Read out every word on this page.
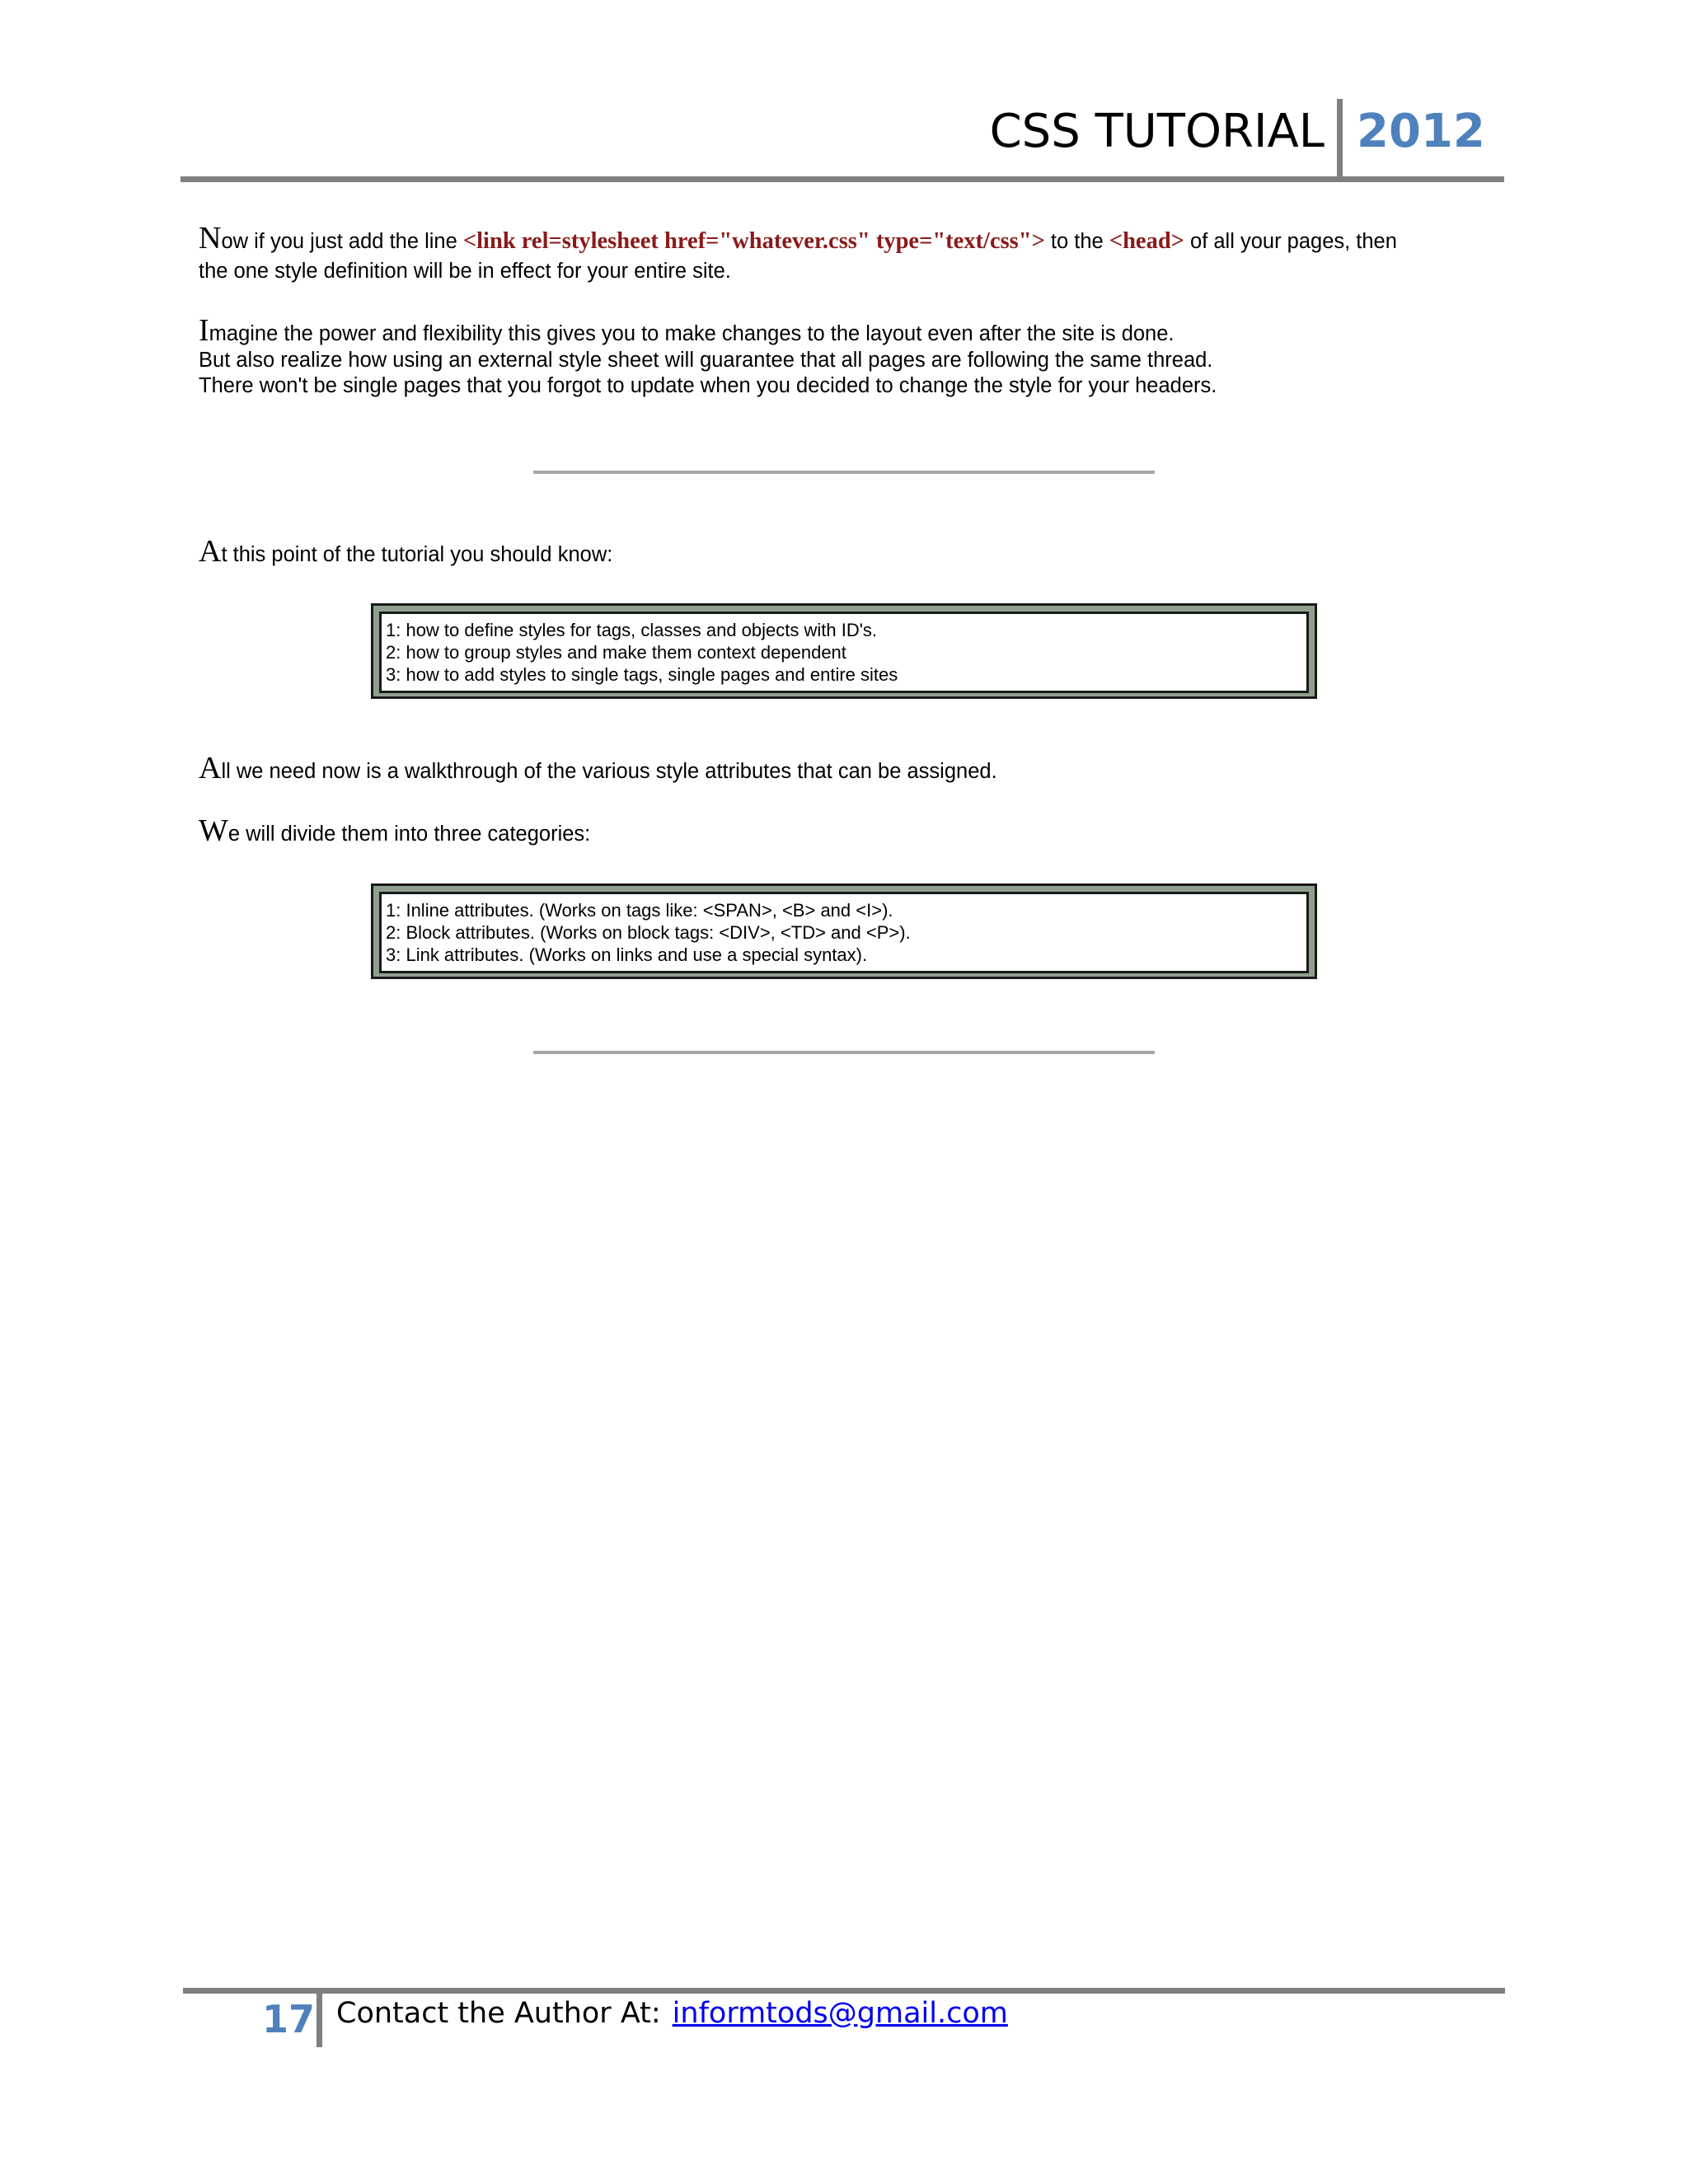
CSS TUTORIAL 2012
Now if you just add the line <link rel=stylesheet href="whatever.css" type="text/css"> to the <head> of all your pages, then
the one style definition will be in effect for your entire site.
Imagine the power and flexibility this gives you to make changes to the layout even after the site is done.
But also realize how using an external style sheet will guarantee that all pages are following the same thread.
There won't be single pages that you forgot to update when you decided to change the style for your headers.
At this point of the tutorial you should know:
1: how to define styles for tags, classes and objects with ID's.
2: how to group styles and make them context dependent
3: how to add styles to single tags, single pages and entire sites
All we need now is a walkthrough of the various style attributes that can be assigned.
We will divide them into three categories:
1: Inline attributes. (Works on tags like: <SPAN>, <B> and <I>).
2: Block attributes. (Works on block tags: <DIV>, <TD> and <P>).
3: Link attributes. (Works on links and use a special syntax).
17 Contact the Author At: informtods@gmail.com
